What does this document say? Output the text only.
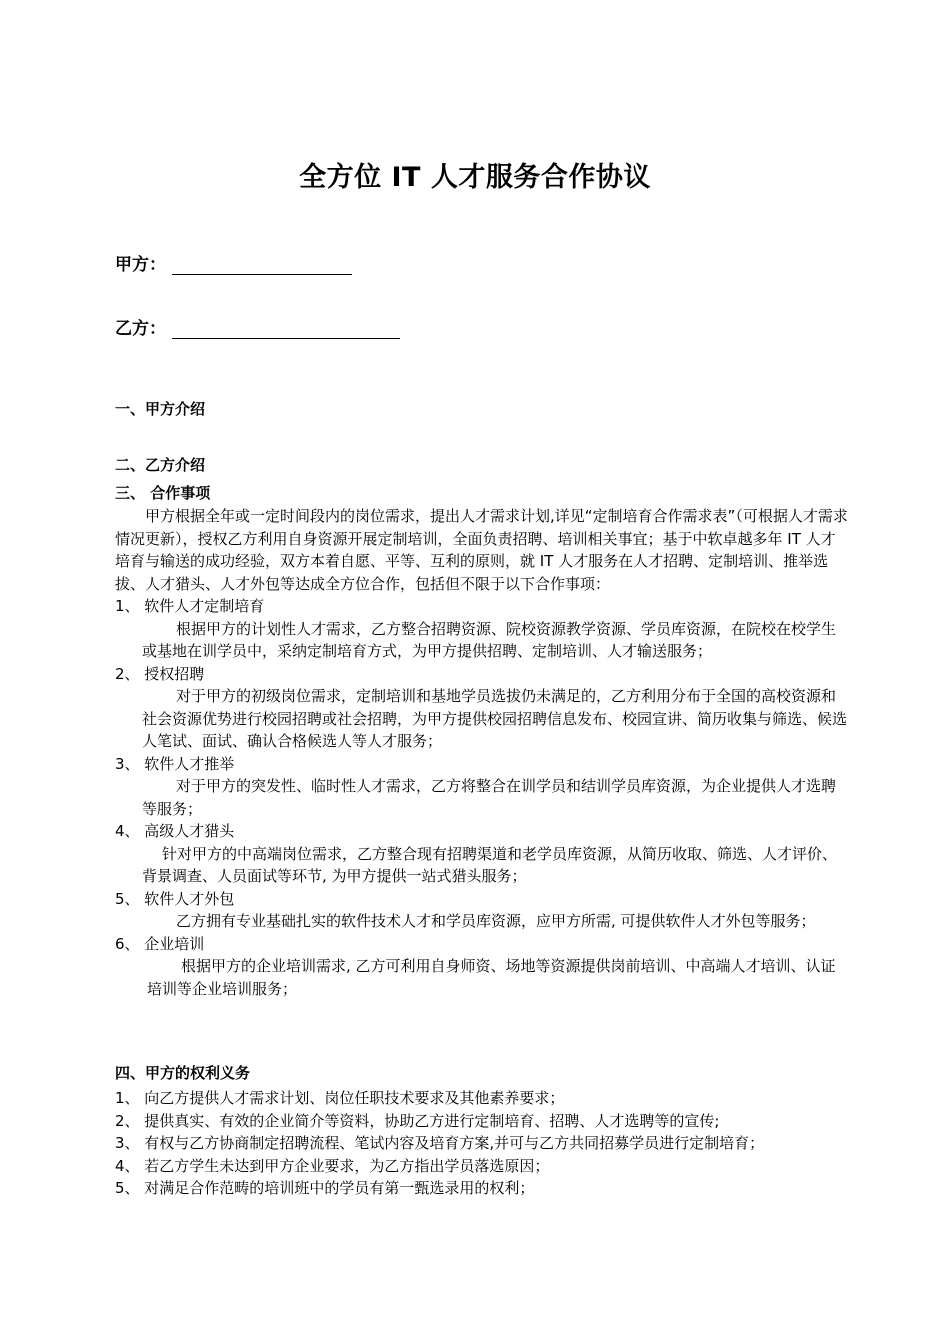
全方位 IT 人才服务合作协议
甲方：
乙方：
一、甲方介绍
二、乙方介绍
三、 合作事项

甲方根据全年或一定时间段内的岗位需求，提出人才需求计划,详见“定制培育合作需求表”（可根据人才需求情况更新），授权乙方利用自身资源开展定制培训，全面负责招聘、培训相关事宜；基于中软卓越多年 IT 人才培育与输送的成功经验，双方本着自愿、平等、互利的原则，就 IT 人才服务在人才招聘、定制培训、推举选拔、人才猎头、人才外包等达成全方位合作，包括但不限于以下合作事项：

1、 软件人才定制培育

根据甲方的计划性人才需求，乙方整合招聘资源、院校资源教学资源、学员库资源，在院校在校学生或基地在训学员中，采纳定制培育方式，为甲方提供招聘、定制培训、人才输送服务；

2、 授权招聘

对于甲方的初级岗位需求，定制培训和基地学员选拔仍未满足的，乙方利用分布于全国的高校资源和社会资源优势进行校园招聘或社会招聘，为甲方提供校园招聘信息发布、校园宣讲、简历收集与筛选、候选人笔试、面试、确认合格候选人等人才服务；

3、 软件人才推举

对于甲方的突发性、临时性人才需求，乙方将整合在训学员和结训学员库资源，为企业提供人才选聘等服务；

4、 高级人才猎头

针对甲方的中高端岗位需求，乙方整合现有招聘渠道和老学员库资源，从简历收取、筛选、人才评价、背景调查、人员面试等环节, 为甲方提供一站式猎头服务；

5、 软件人才外包

乙方拥有专业基础扎实的软件技术人才和学员库资源，应甲方所需, 可提供软件人才外包等服务；

6、 企业培训

根据甲方的企业培训需求, 乙方可利用自身师资、场地等资源提供岗前培训、中高端人才培训、认证培训等企业培训服务；

四、甲方的权利义务
1、 向乙方提供人才需求计划、岗位任职技术要求及其他素养要求；
2、 提供真实、有效的企业简介等资料，协助乙方进行定制培育、招聘、人才选聘等的宣传;
3、 有权与乙方协商制定招聘流程、笔试内容及培育方案,并可与乙方共同招募学员进行定制培育；
4、 若乙方学生未达到甲方企业要求，为乙方指出学员落选原因；
5、 对满足合作范畴的培训班中的学员有第一甄选录用的权利；
